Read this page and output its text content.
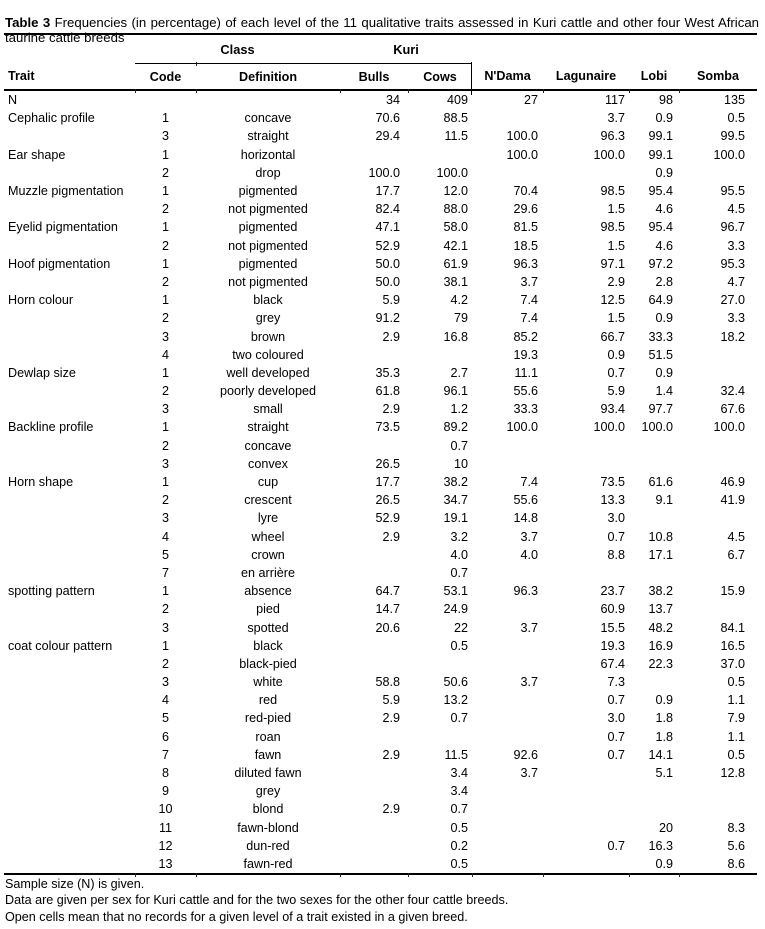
Table 3 Frequencies (in percentage) of each level of the 11 qualitative traits assessed in Kuri cattle and other four West African taurine cattle breeds

	Class		Kuri					
Trait	Code	Definition	Bulls	Cows	N'Dama	Lagunaire	Lobi	Somba
N			34	409	27	117	98	135
Cephalic profile	1	concave	70.6	88.5		3.7	0.9	0.5
	3	straight	29.4	11.5	100.0	96.3	99.1	99.5
Ear shape	1	horizontal			100.0	100.0	99.1	100.0
	2	drop	100.0	100.0			0.9	
Muzzle pigmentation	1	pigmented	17.7	12.0	70.4	98.5	95.4	95.5
	2	not pigmented	82.4	88.0	29.6	1.5	4.6	4.5
Eyelid pigmentation	1	pigmented	47.1	58.0	81.5	98.5	95.4	96.7
	2	not pigmented	52.9	42.1	18.5	1.5	4.6	3.3
Hoof pigmentation	1	pigmented	50.0	61.9	96.3	97.1	97.2	95.3
	2	not pigmented	50.0	38.1	3.7	2.9	2.8	4.7
Horn colour	1	black	5.9	4.2	7.4	12.5	64.9	27.0
	2	grey	91.2	79	7.4	1.5	0.9	3.3
	3	brown	2.9	16.8	85.2	66.7	33.3	18.2
	4	two coloured			19.3	0.9	51.5	
Dewlap size	1	well developed	35.3	2.7	11.1	0.7	0.9	
	2	poorly developed	61.8	96.1	55.6	5.9	1.4	32.4
	3	small	2.9	1.2	33.3	93.4	97.7	67.6
Backline profile	1	straight	73.5	89.2	100.0	100.0	100.0	100.0
	2	concave		0.7				
	3	convex	26.5	10				
Horn shape	1	cup	17.7	38.2	7.4	73.5	61.6	46.9
	2	crescent	26.5	34.7	55.6	13.3	9.1	41.9
	3	lyre	52.9	19.1	14.8	3.0		
	4	wheel	2.9	3.2	3.7	0.7	10.8	4.5
	5	crown		4.0	4.0	8.8	17.1	6.7
	7	en arrière		0.7				
spotting pattern	1	absence	64.7	53.1	96.3	23.7	38.2	15.9
	2	pied	14.7	24.9		60.9	13.7	
	3	spotted	20.6	22	3.7	15.5	48.2	84.1
coat colour pattern	1	black		0.5		19.3	16.9	16.5
	2	black-pied				67.4	22.3	37.0
	3	white	58.8	50.6	3.7	7.3		0.5
	4	red	5.9	13.2		0.7	0.9	1.1
	5	red-pied	2.9	0.7		3.0	1.8	7.9
	6	roan				0.7	1.8	1.1
	7	fawn	2.9	11.5	92.6	0.7	14.1	0.5
	8	diluted fawn		3.4	3.7		5.1	12.8
	9	grey		3.4				
	10	blond	2.9	0.7				
	11	fawn-blond		0.5			20	8.3
	12	dun-red		0.2		0.7	16.3	5.6
	13	fawn-red		0.5			0.9	8.6
Sample size (N) is given.
Data are given per sex for Kuri cattle and for the two sexes for the other four cattle breeds.
Open cells mean that no records for a given level of a trait existed in a given breed.
